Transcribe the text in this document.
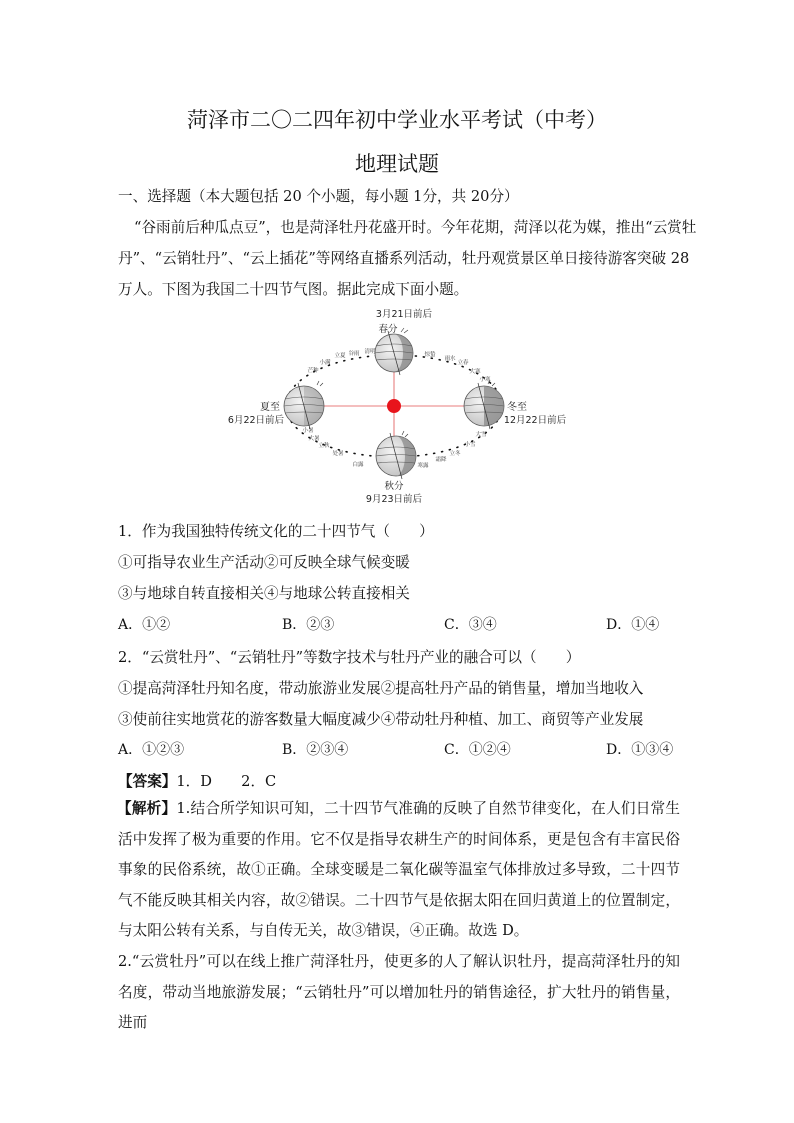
菏泽市二〇二四年初中学业水平考试（中考）
地理试题
一、选择题（本大题包括 20 个小题，每小题 1分，共 20分）
“谷雨前后种瓜点豆”，也是菏泽牡丹花盛开时。今年花期，菏泽以花为媒，推出“云赏牡
丹”、“云销牡丹”、“云上插花”等网络直播系列活动，牡丹观赏景区单日接待游客突破 28
万人。下图为我国二十四节气图。据此完成下面小题。
3月21日前后
春分
夏至
6月22日前后
冬至
12月22日前后
秋分
9月23日前后
清明
谷雨
立夏
小满
芒种
小暑
大暑
立秋
处暑
白露	寒露
霜降
立冬
小雪
大雪
小寒
大寒
立春
雨水
惊蛰
1．作为我国独特传统文化的二十四节气（　　）
①可指导农业生产活动②可反映全球气候变暖
③与地球自转直接相关④与地球公转直接相关
A．①②	B．②③	C．③④	D．①④
2．“云赏牡丹”、“云销牡丹”等数字技术与牡丹产业的融合可以（　　）
①提高菏泽牡丹知名度，带动旅游业发展②提高牡丹产品的销售量，增加当地收入
③使前往实地赏花的游客数量大幅度减少④带动牡丹种植、加工、商贸等产业发展
A．①②③	B．②③④	C．①②④	D．①③④
【答案】1．D　　2．C
【解析】1.结合所学知识可知，二十四节气准确的反映了自然节律变化，在人们日常生活中发挥了极为重要的作用。它不仅是指导农耕生产的时间体系，更是包含有丰富民俗事象的民俗系统，故①正确。全球变暖是二氧化碳等温室气体排放过多导致，二十四节气不能反映其相关内容，故②错误。二十四节气是依据太阳在回归黄道上的位置制定，与太阳公转有关系，与自传无关，故③错误，④正确。故选 D。
2.“云赏牡丹”可以在线上推广菏泽牡丹，使更多的人了解认识牡丹，提高菏泽牡丹的知名度，带动当地旅游发展；“云销牡丹”可以增加牡丹的销售途径，扩大牡丹的销售量，进而
